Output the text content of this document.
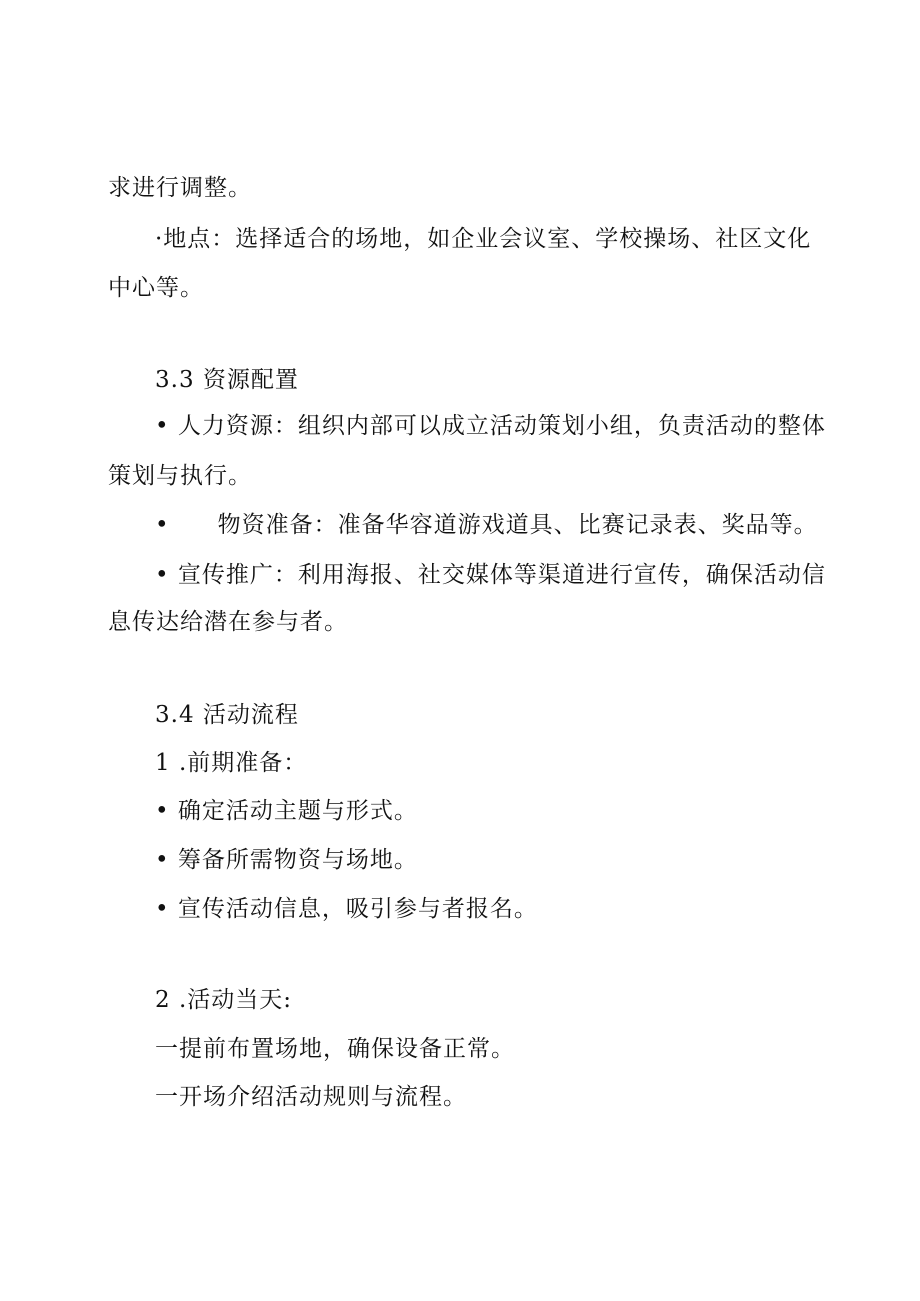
求进行调整。
·地点：选择适合的场地，如企业会议室、学校操场、社区文化
中心等。
3.3 资源配置
• 人力资源：组织内部可以成立活动策划小组，负责活动的整体
策划与执行。
• 物资准备：准备华容道游戏道具、比赛记录表、奖品等。
• 宣传推广：利用海报、社交媒体等渠道进行宣传，确保活动信
息传达给潜在参与者。
3.4 活动流程
1 .前期准备：
• 确定活动主题与形式。
• 筹备所需物资与场地。
• 宣传活动信息，吸引参与者报名。
2 .活动当天:
一提前布置场地，确保设备正常。
一开场介绍活动规则与流程。
